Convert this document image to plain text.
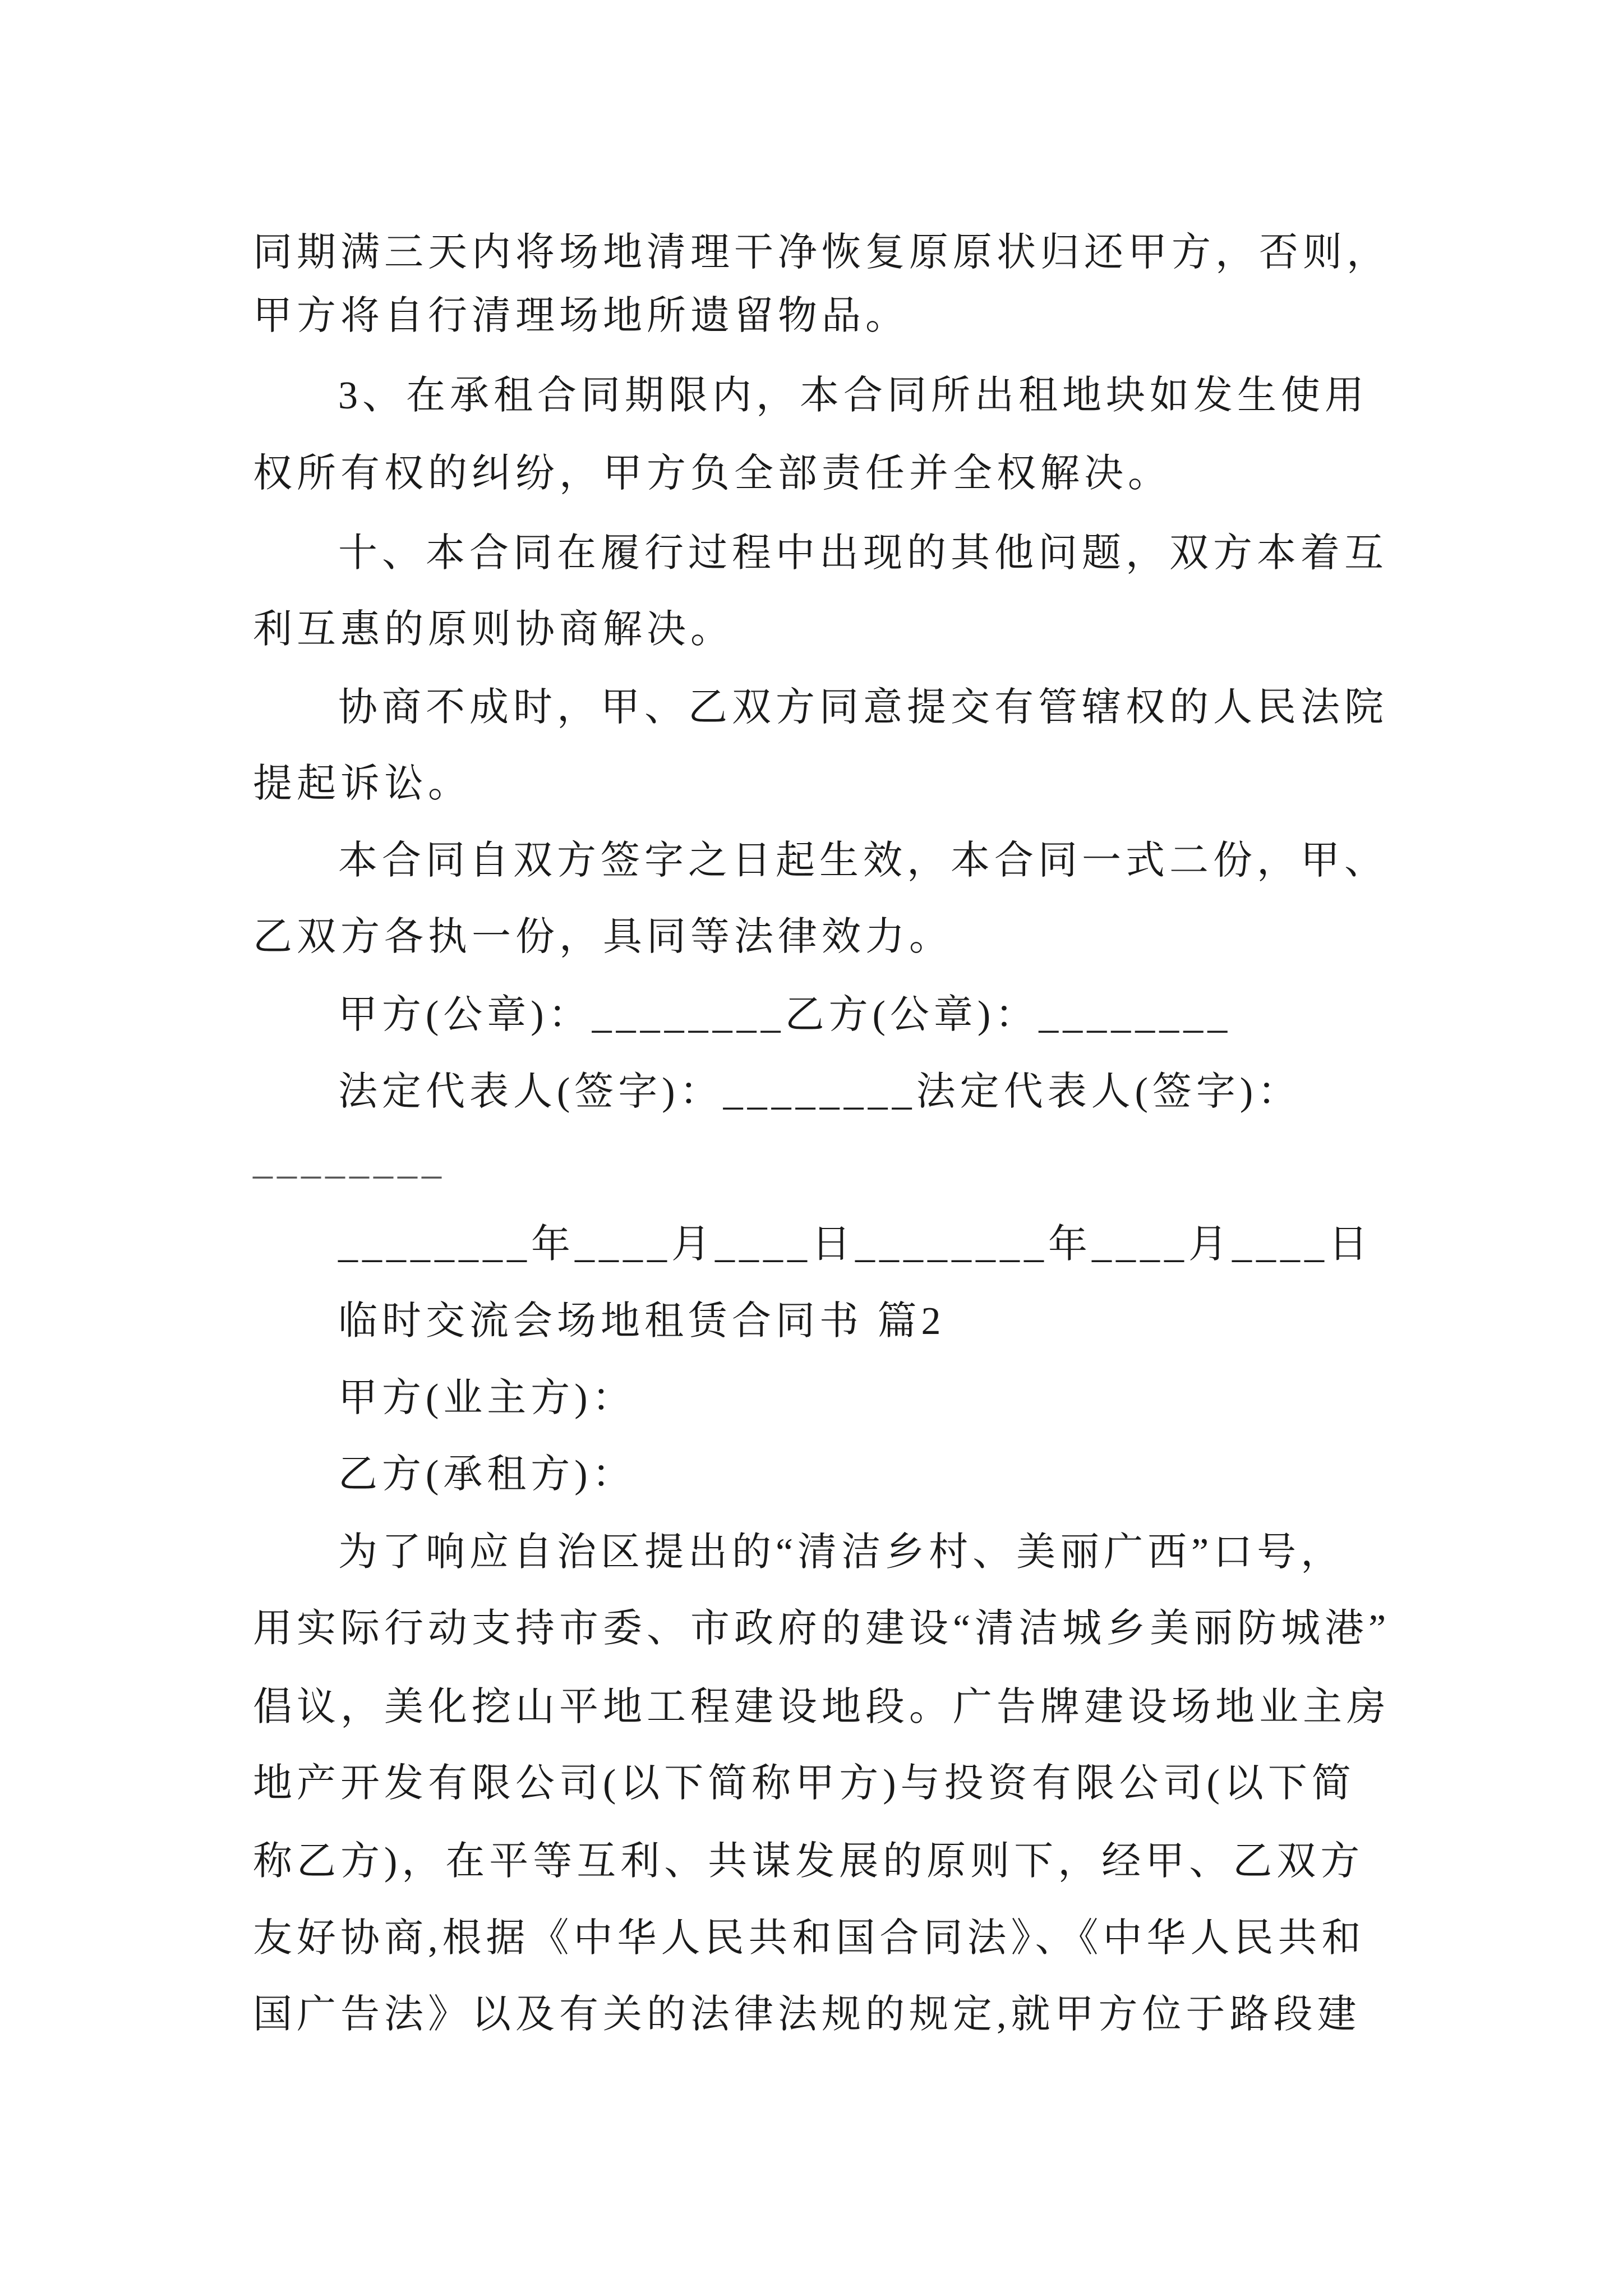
同期满三天内将场地清理干净恢复原原状归还甲方，否则，
甲方将自行清理场地所遗留物品。
3、在承租合同期限内，本合同所出租地块如发生使用
权所有权的纠纷，甲方负全部责任并全权解决。
十、本合同在履行过程中出现的其他问题，双方本着互
利互惠的原则协商解决。
协商不成时，甲、乙双方同意提交有管辖权的人民法院
提起诉讼。
本合同自双方签字之日起生效，本合同一式二份，甲、
乙双方各执一份，具同等法律效力。
甲方(公章)：________乙方(公章)：________
法定代表人(签字)：________法定代表人(签字)：
________
________年____月____日________年____月____日
临时交流会场地租赁合同书 篇2
甲方(业主方)：
乙方(承租方)：
为了响应自治区提出的“清洁乡村、美丽广西”口号，
用实际行动支持市委、市政府的建设“清洁城乡美丽防城港”
倡议，美化挖山平地工程建设地段。广告牌建设场地业主房
地产开发有限公司(以下简称甲方)与投资有限公司(以下简
称乙方)，在平等互利、共谋发展的原则下，经甲、乙双方
友好协商,根据《中华人民共和国合同法》、《中华人民共和
国广告法》以及有关的法律法规的规定,就甲方位于路段建
